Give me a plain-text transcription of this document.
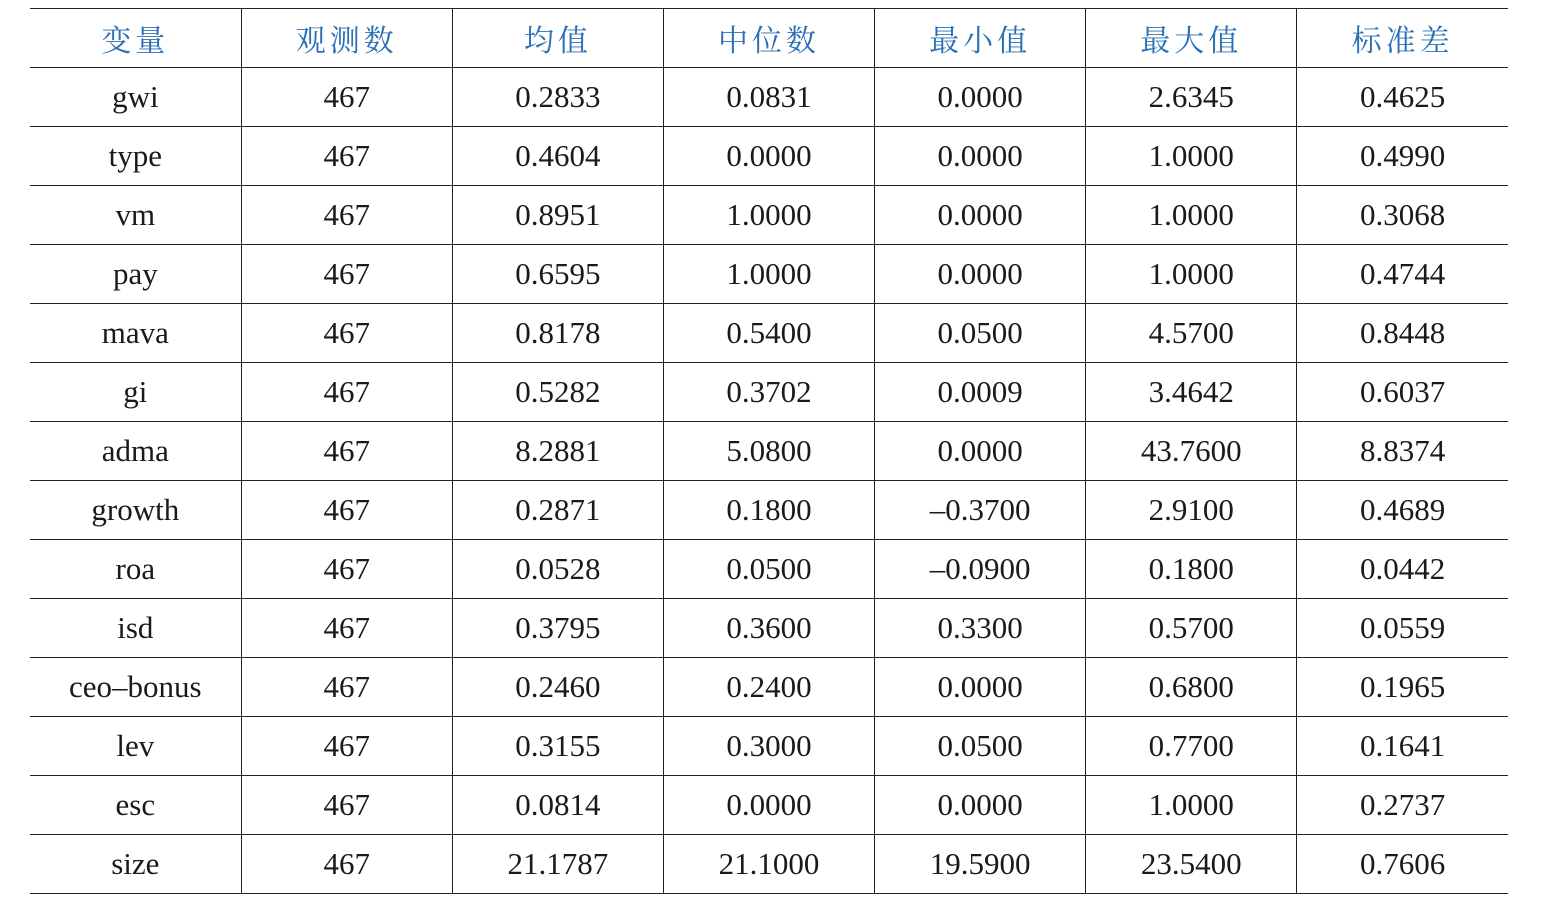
变量	观测数	均值	中位数	最小值	最大值	标准差
gwi	467	0.2833	0.0831	0.0000	2.6345	0.4625
type	467	0.4604	0.0000	0.0000	1.0000	0.4990
vm	467	0.8951	1.0000	0.0000	1.0000	0.3068
pay	467	0.6595	1.0000	0.0000	1.0000	0.4744
mava	467	0.8178	0.5400	0.0500	4.5700	0.8448
gi	467	0.5282	0.3702	0.0009	3.4642	0.6037
adma	467	8.2881	5.0800	0.0000	43.7600	8.8374
growth	467	0.2871	0.1800	–0.3700	2.9100	0.4689
roa	467	0.0528	0.0500	–0.0900	0.1800	0.0442
isd	467	0.3795	0.3600	0.3300	0.5700	0.0559
ceo–bonus	467	0.2460	0.2400	0.0000	0.6800	0.1965
lev	467	0.3155	0.3000	0.0500	0.7700	0.1641
esc	467	0.0814	0.0000	0.0000	1.0000	0.2737
size	467	21.1787	21.1000	19.5900	23.5400	0.7606
